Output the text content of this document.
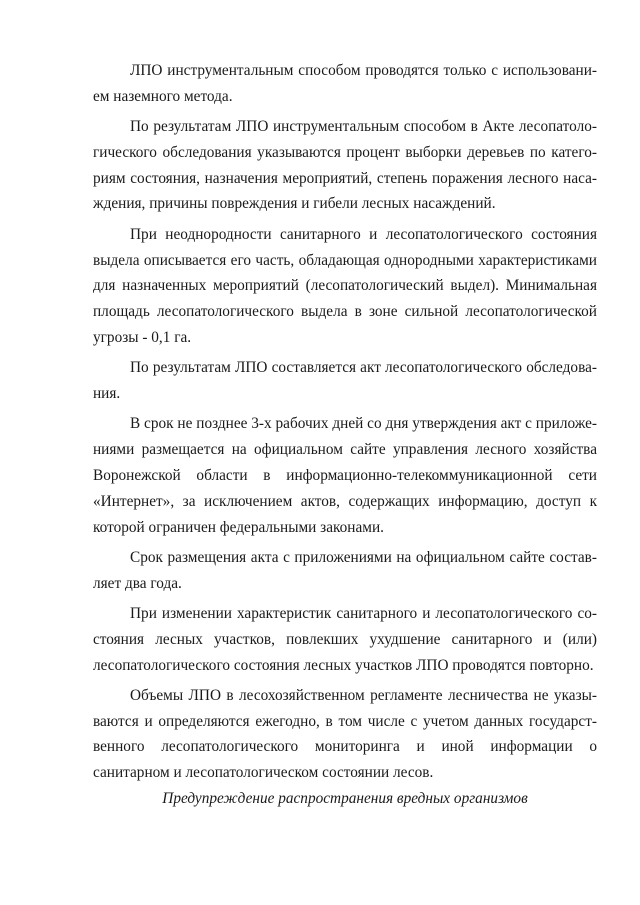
ЛПО инструментальным способом проводятся только с использованием наземного метода.

По результатам ЛПО инструментальным способом в Акте лесопатологического обследования указываются процент выборки деревьев по категориям состояния, назначения мероприятий, степень поражения лесного насаждения, причины повреждения и гибели лесных насаждений.

При неоднородности санитарного и лесопатологического состояния выдела описывается его часть, обладающая однородными характеристиками для назначенных мероприятий (лесопатологический выдел). Минимальная площадь лесопатологического выдела в зоне сильной лесопатологической угрозы - 0,1 га.

По результатам ЛПО составляется акт лесопатологического обследования.

В срок не позднее 3-х рабочих дней со дня утверждения акт с приложениями размещается на официальном сайте управления лесного хозяйства Воронежской области в информационно-телекоммуникационной сети «Интернет», за исключением актов, содержащих информацию, доступ к которой ограничен федеральными законами.

Срок размещения акта с приложениями на официальном сайте составляет два года.

При изменении характеристик санитарного и лесопатологического состояния лесных участков, повлекших ухудшение санитарного и (или) лесопатологического состояния лесных участков ЛПО проводятся повторно.

Объемы ЛПО в лесохозяйственном регламенте лесничества не указываются и определяются ежегодно, в том числе с учетом данных государственного лесопатологического мониторинга и иной информации о санитарном и лесопатологическом состоянии лесов.

Предупреждение распространения вредных организмов
